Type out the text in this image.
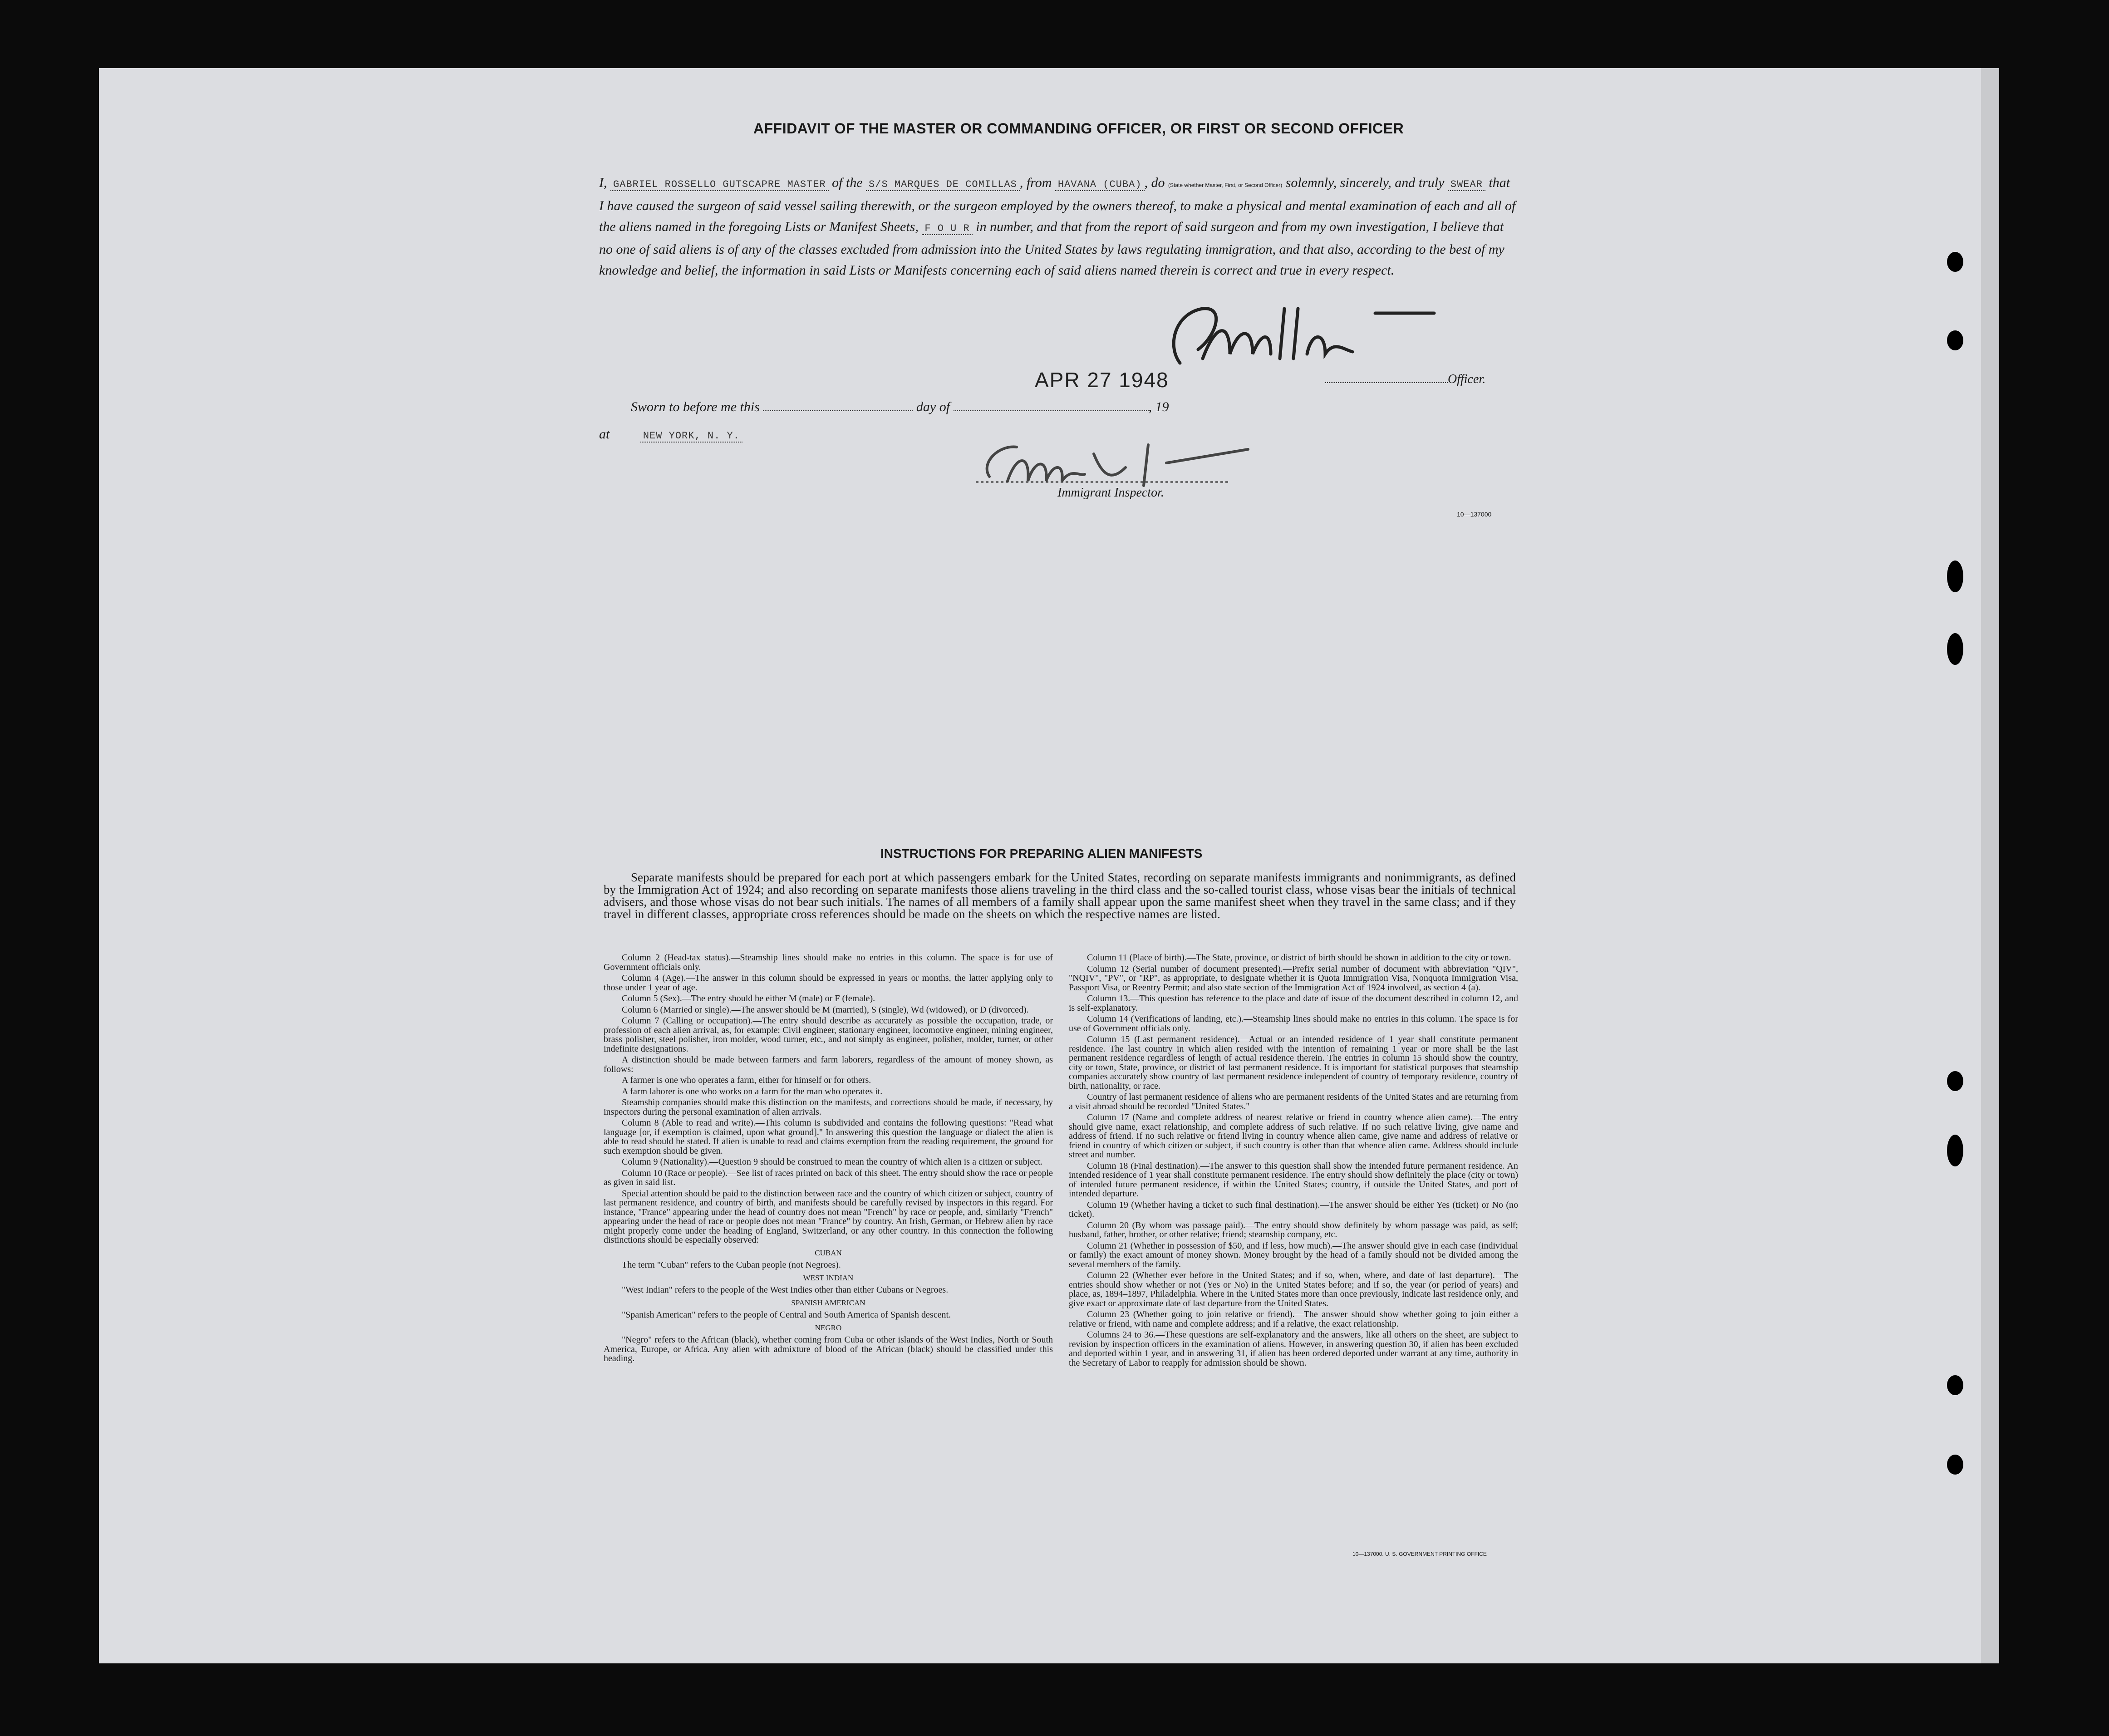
AFFIDAVIT OF THE MASTER OR COMMANDING OFFICER, OR FIRST OR SECOND OFFICER
I, GABRIEL ROSSELLO GUTSCAPRE MASTER of the S/S MARQUES DE COMILLAS , from HAVANA (CUBA) , do (State whether Master, First, or Second Officer) solemnly, sincerely, and truly SWEAR that I have caused the surgeon of said vessel sailing therewith, or the surgeon employed by the owners thereof, to make a physical and mental examination of each and all of the aliens named in the foregoing Lists or Manifest Sheets, F O U R in number, and that from the report of said surgeon and from my own investigation, I believe that no one of said aliens is of any of the classes excluded from admission into the United States by laws regulating immigration, and that also, according to the best of my knowledge and belief, the information in said Lists or Manifests concerning each of said aliens named therein is correct and true in every respect.
APR 27 1948	Officer.
Sworn to before me this	day of	, 19
at	NEW YORK, N. Y.
Immigrant Inspector.
10—137000
INSTRUCTIONS FOR PREPARING ALIEN MANIFESTS
Separate manifests should be prepared for each port at which passengers embark for the United States, recording on separate manifests immigrants and nonimmigrants, as defined by the Immigration Act of 1924; and also recording on separate manifests those aliens traveling in the third class and the so-called tourist class, whose visas bear the initials of technical advisers, and those whose visas do not bear such initials. The names of all members of a family shall appear upon the same manifest sheet when they travel in the same class; and if they travel in different classes, appropriate cross references should be made on the sheets on which the respective names are listed.

Column 2 (Head-tax status).—Steamship lines should make no entries in this column. The space is for use of Government officials only.

Column 4 (Age).—The answer in this column should be expressed in years or months, the latter applying only to those under 1 year of age.

Column 5 (Sex).—The entry should be either M (male) or F (female).

Column 6 (Married or single).—The answer should be M (married), S (single), Wd (widowed), or D (divorced).

Column 7 (Calling or occupation).—The entry should describe as accurately as possible the occupation, trade, or profession of each alien arrival, as, for example: Civil engineer, stationary engineer, locomotive engineer, mining engineer, brass polisher, steel polisher, iron molder, wood turner, etc., and not simply as engineer, polisher, molder, turner, or other indefinite designations.

A distinction should be made between farmers and farm laborers, regardless of the amount of money shown, as follows:

A farmer is one who operates a farm, either for himself or for others.

A farm laborer is one who works on a farm for the man who operates it.

Steamship companies should make this distinction on the manifests, and corrections should be made, if necessary, by inspectors during the personal examination of alien arrivals.

Column 8 (Able to read and write).—This column is subdivided and contains the following questions: "Read what language [or, if exemption is claimed, upon what ground]." In answering this question the language or dialect the alien is able to read should be stated. If alien is unable to read and claims exemption from the reading requirement, the ground for such exemption should be given.

Column 9 (Nationality).—Question 9 should be construed to mean the country of which alien is a citizen or subject.

Column 10 (Race or people).—See list of races printed on back of this sheet. The entry should show the race or people as given in said list.

Special attention should be paid to the distinction between race and the country of which citizen or subject, country of last permanent residence, and country of birth, and manifests should be carefully revised by inspectors in this regard. For instance, "France" appearing under the head of country does not mean "French" by race or people, and, similarly "French" appearing under the head of race or people does not mean "France" by country. An Irish, German, or Hebrew alien by race might properly come under the heading of England, Switzerland, or any other country. In this connection the following distinctions should be especially observed:

CUBAN

The term "Cuban" refers to the Cuban people (not Negroes).

WEST INDIAN

"West Indian" refers to the people of the West Indies other than either Cubans or Negroes.

SPANISH AMERICAN

"Spanish American" refers to the people of Central and South America of Spanish descent.

NEGRO

"Negro" refers to the African (black), whether coming from Cuba or other islands of the West Indies, North or South America, Europe, or Africa. Any alien with admixture of blood of the African (black) should be classified under this heading.

Column 11 (Place of birth).—The State, province, or district of birth should be shown in addition to the city or town.

Column 12 (Serial number of document presented).—Prefix serial number of document with abbreviation "QIV", "NQIV", "PV", or "RP", as appropriate, to designate whether it is Quota Immigration Visa, Nonquota Immigration Visa, Passport Visa, or Reentry Permit; and also state section of the Immigration Act of 1924 involved, as section 4 (a).

Column 13.—This question has reference to the place and date of issue of the document described in column 12, and is self-explanatory.

Column 14 (Verifications of landing, etc.).—Steamship lines should make no entries in this column. The space is for use of Government officials only.

Column 15 (Last permanent residence).—Actual or an intended residence of 1 year shall constitute permanent residence. The last country in which alien resided with the intention of remaining 1 year or more shall be the last permanent residence regardless of length of actual residence therein. The entries in column 15 should show the country, city or town, State, province, or district of last permanent residence. It is important for statistical purposes that steamship companies accurately show country of last permanent residence independent of country of temporary residence, country of birth, nationality, or race.

Country of last permanent residence of aliens who are permanent residents of the United States and are returning from a visit abroad should be recorded "United States."

Column 17 (Name and complete address of nearest relative or friend in country whence alien came).—The entry should give name, exact relationship, and complete address of such relative. If no such relative living, give name and address of friend. If no such relative or friend living in country whence alien came, give name and address of relative or friend in country of which citizen or subject, if such country is other than that whence alien came. Address should include street and number.

Column 18 (Final destination).—The answer to this question shall show the intended future permanent residence. An intended residence of 1 year shall constitute permanent residence. The entry should show definitely the place (city or town) of intended future permanent residence, if within the United States; country, if outside the United States, and port of intended departure.

Column 19 (Whether having a ticket to such final destination).—The answer should be either Yes (ticket) or No (no ticket).

Column 20 (By whom was passage paid).—The entry should show definitely by whom passage was paid, as self; husband, father, brother, or other relative; friend; steamship company, etc.

Column 21 (Whether in possession of $50, and if less, how much).—The answer should give in each case (individual or family) the exact amount of money shown. Money brought by the head of a family should not be divided among the several members of the family.

Column 22 (Whether ever before in the United States; and if so, when, where, and date of last departure).—The entries should show whether or not (Yes or No) in the United States before; and if so, the year (or period of years) and place, as, 1894–1897, Philadelphia. Where in the United States more than once previously, indicate last residence only, and give exact or approximate date of last departure from the United States.

Column 23 (Whether going to join relative or friend).—The answer should show whether going to join either a relative or friend, with name and complete address; and if a relative, the exact relationship.

Columns 24 to 36.—These questions are self-explanatory and the answers, like all others on the sheet, are subject to revision by inspection officers in the examination of aliens. However, in answering question 30, if alien has been excluded and deported within 1 year, and in answering 31, if alien has been ordered deported under warrant at any time, authority in the Secretary of Labor to reapply for admission should be shown.

10—137000. U. S. GOVERNMENT PRINTING OFFICE
